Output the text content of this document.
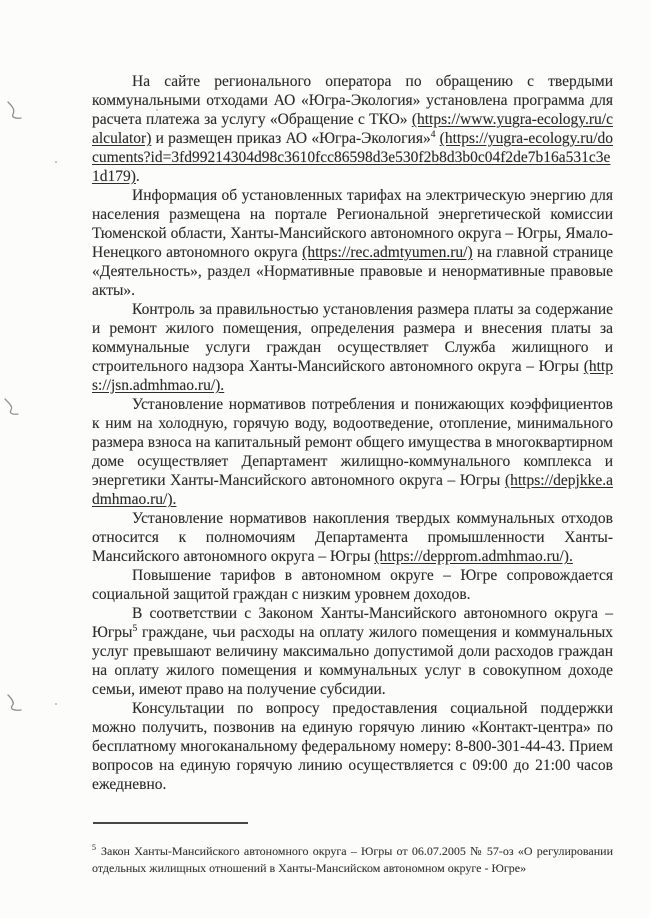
На сайте регионального оператора по обращению с твердыми коммунальными отходами АО «Югра-Экология» установлена программа для расчета платежа за услугу «Обращение с ТКО» (https://www.yugra-ecology.ru/calculator) и размещен приказ АО «Югра-Экология»$^4$ (https://yugra-ecology.ru/documents?id=3fd99214304d98c3610fcc86598d3e530f2b8d3b0c04f2de7b16a531c3e1d179).

Информация об установленных тарифах на электрическую энергию для населения размещена на портале Региональной энергетической комиссии Тюменской области, Ханты-Мансийского автономного округа – Югры, Ямало-Ненецкого автономного округа (https://rec.admtyumen.ru/) на главной странице «Деятельность», раздел «Нормативные правовые и ненормативные правовые акты».

Контроль за правильностью установления размера платы за содержание и ремонт жилого помещения, определения размера и внесения платы за коммунальные услуги граждан осуществляет Служба жилищного и строительного надзора Ханты-Мансийского автономного округа – Югры (https://jsn.admhmao.ru/).

Установление нормативов потребления и понижающих коэффициентов к ним на холодную, горячую воду, водоотведение, отопление, минимального размера взноса на капитальный ремонт общего имущества в многоквартирном доме осуществляет Департамент жилищно-коммунального комплекса и энергетики Ханты-Мансийского автономного округа – Югры (https://depjkke.admhmao.ru/).

Установление нормативов накопления твердых коммунальных отходов относится к полномочиям Департамента промышленности Ханты-Мансийского автономного округа – Югры (https://depprom.admhmao.ru/).

Повышение тарифов в автономном округе – Югре сопровождается социальной защитой граждан с низким уровнем доходов.

В соответствии с Законом Ханты-Мансийского автономного округа – Югры$^5$ граждане, чьи расходы на оплату жилого помещения и коммунальных услуг превышают величину максимально допустимой доли расходов граждан на оплату жилого помещения и коммунальных услуг в совокупном доходе семьи, имеют право на получение субсидии.

Консультации по вопросу предоставления социальной поддержки можно получить, позвонив на единую горячую линию «Контакт-центра» по бесплатному многоканальному федеральному номеру: 8-800-301-44-43. Прием вопросов на единую горячую линию осуществляется с 09:00 до 21:00 часов ежедневно.

$^5$ Закон Ханты-Мансийского автономного округа – Югры от 06.07.2005 № 57-оз «О регулировании отдельных жилищных отношений в Ханты-Мансийском автономном округе - Югре»
